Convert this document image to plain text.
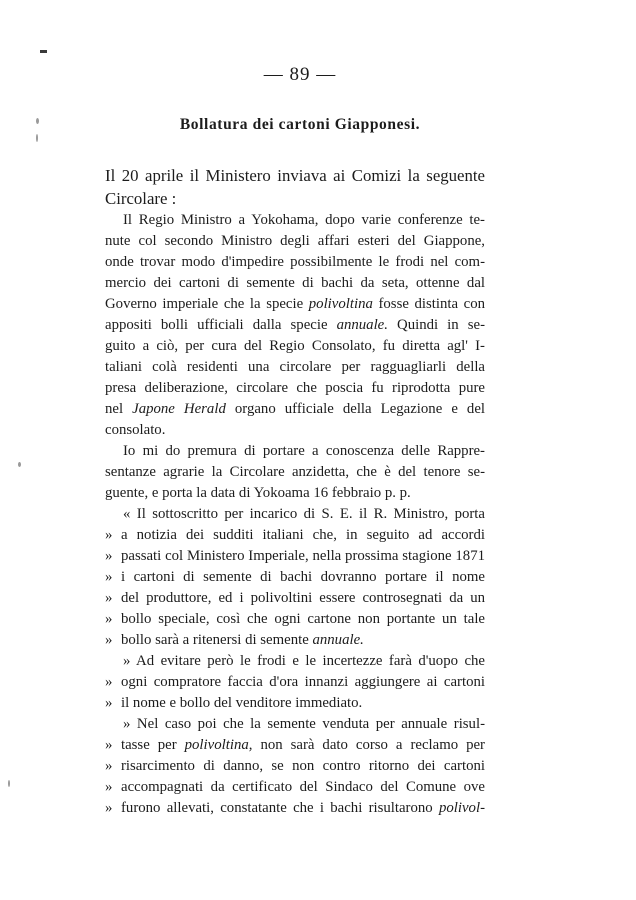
— 89 —
Bollatura dei cartoni Giapponesi.
Il 20 aprile il Ministero inviava ai Comizi la seguente
Circolare :
Il Regio Ministro a Yokohama, dopo varie conferenze te-
nute col secondo Ministro degli affari esteri del Giappone,
onde trovar modo d'impedire possibilmente le frodi nel com-
mercio dei cartoni di semente di bachi da seta, ottenne dal
Governo imperiale che la specie polivoltina fosse distinta con
appositi bolli ufficiali dalla specie annuale. Quindi in se-
guito a ciò, per cura del Regio Consolato, fu diretta agl' I-
taliani colà residenti una circolare per ragguagliarli della
presa deliberazione, circolare che poscia fu riprodotta pure
nel Japone Herald organo ufficiale della Legazione e del
consolato.
Io mi do premura di portare a conoscenza delle Rappre-
sentanze agrarie la Circolare anzidetta, che è del tenore se-
guente, e porta la data di Yokoama 16 febbraio p. p.
« Il sottoscritto per incarico di S. E. il R. Ministro, porta
» a notizia dei sudditi italiani che, in seguito ad accordi
» passati col Ministero Imperiale, nella prossima stagione 1871
» i cartoni di semente di bachi dovranno portare il nome
» del produttore, ed i polivoltini essere controsegnati da un
» bollo speciale, così che ogni cartone non portante un tale
» bollo sarà a ritenersi di semente annuale.
» Ad evitare però le frodi e le incertezze farà d'uopo che
» ogni compratore faccia d'ora innanzi aggiungere ai cartoni
» il nome e bollo del venditore immediato.
» Nel caso poi che la semente venduta per annuale risul-
» tasse per polivoltina, non sarà dato corso a reclamo per
» risarcimento di danno, se non contro ritorno dei cartoni
» accompagnati da certificato del Sindaco del Comune ove
» furono allevati, constatante che i bachi risultarono polivol-
